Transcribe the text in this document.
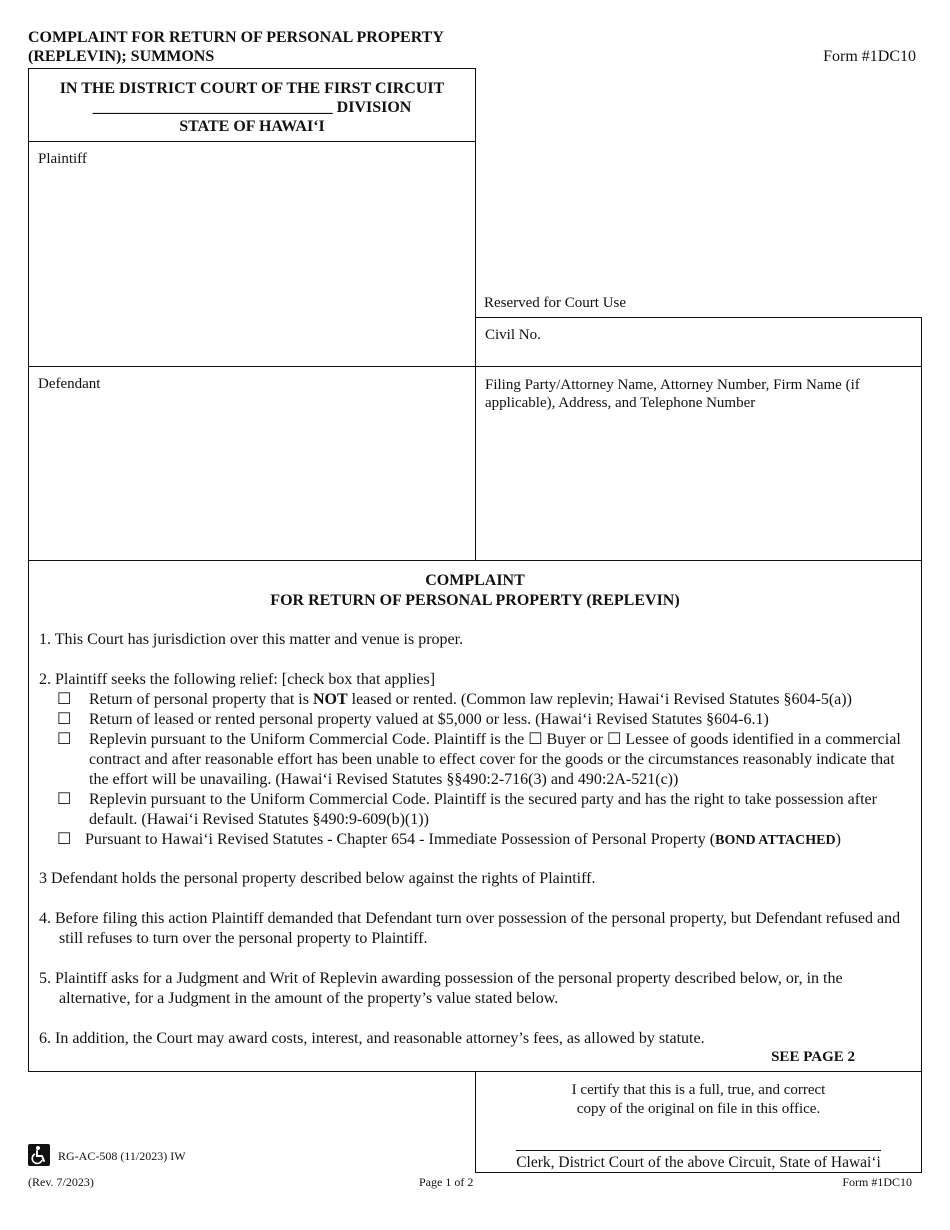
COMPLAINT FOR RETURN OF PERSONAL PROPERTY
(REPLEVIN); SUMMONS	Form #1DC10
IN THE DISTRICT COURT OF THE FIRST CIRCUIT
______________________________ DIVISION
STATE OF HAWAI‘I
Plaintiff
Reserved for Court Use
Civil No.
Defendant	Filing Party/Attorney Name, Attorney Number, Firm Name (if applicable), Address, and Telephone Number
COMPLAINT
FOR RETURN OF PERSONAL PROPERTY (REPLEVIN)
1. This Court has jurisdiction over this matter and venue is proper.
2. Plaintiff seeks the following relief: [check box that applies]
☐ Return of personal property that is NOT leased or rented. (Common law replevin; Hawai‘i Revised Statutes §604-5(a))
☐ Return of leased or rented personal property valued at $5,000 or less. (Hawai‘i Revised Statutes §604-6.1)
☐ Replevin pursuant to the Uniform Commercial Code. Plaintiff is the ☐ Buyer or ☐ Lessee of goods identified in a commercial contract and after reasonable effort has been unable to effect cover for the goods or the circumstances reasonably indicate that the effort will be unavailing. (Hawai‘i Revised Statutes §§490:2-716(3) and 490:2A-521(c))
☐ Replevin pursuant to the Uniform Commercial Code. Plaintiff is the secured party and has the right to take possession after default. (Hawai‘i Revised Statutes §490:9-609(b)(1))
☐ Pursuant to Hawai‘i Revised Statutes - Chapter 654 - Immediate Possession of Personal Property (BOND ATTACHED)
3 Defendant holds the personal property described below against the rights of Plaintiff.
4. Before filing this action Plaintiff demanded that Defendant turn over possession of the personal property, but Defendant refused and still refuses to turn over the personal property to Plaintiff.
5. Plaintiff asks for a Judgment and Writ of Replevin awarding possession of the personal property described below, or, in the alternative, for a Judgment in the amount of the property’s value stated below.
6. In addition, the Court may award costs, interest, and reasonable attorney’s fees, as allowed by statute.
SEE PAGE 2
I certify that this is a full, true, and correct
copy of the original on file in this office.
Clerk, District Court of the above Circuit, State of Hawai‘i
RG-AC-508 (11/2023) IW
(Rev. 7/2023)	Page 1 of 2	Form #1DC10
